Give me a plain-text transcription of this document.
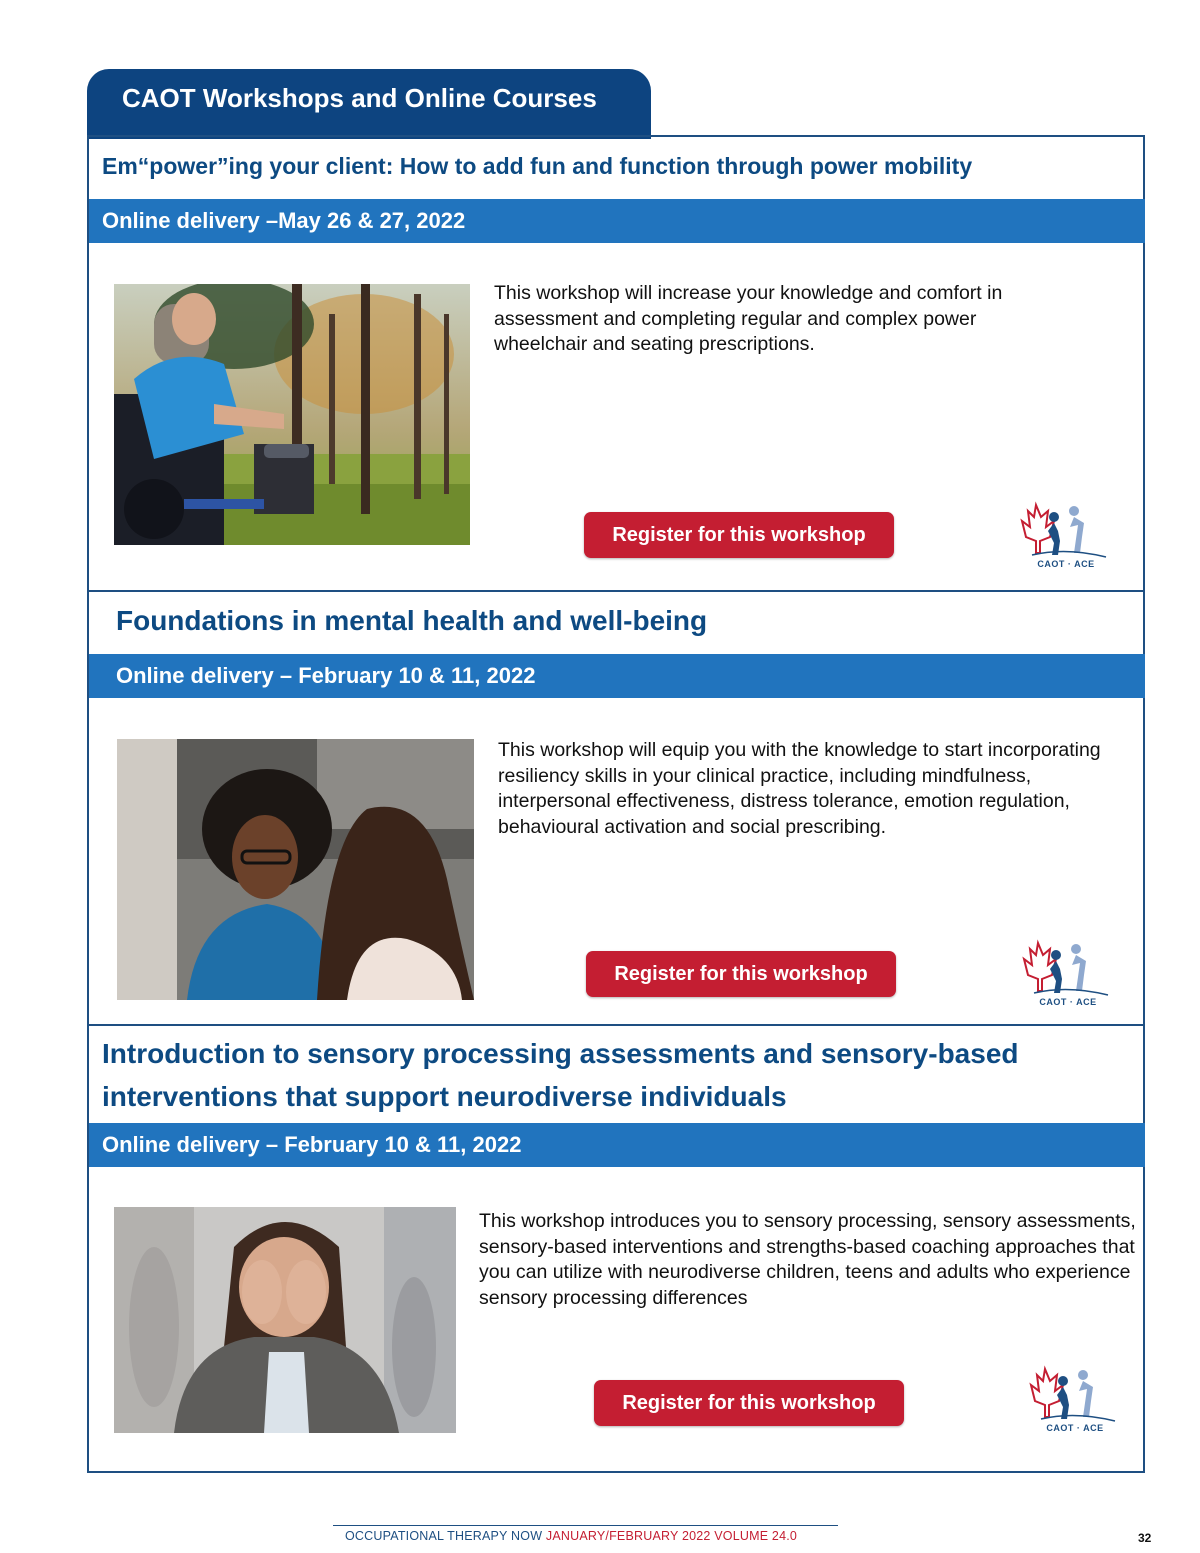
CAOT Workshops and Online Courses
Em“power”ing your client: How to add fun and function through power mobility
Online delivery –May 26 & 27, 2022
This workshop will increase your knowledge and comfort in assessment and completing regular and complex power wheelchair and seating prescriptions.
Register for this workshop
CAOT · ACE
Foundations in mental health and well-being
Online delivery – February 10 & 11, 2022
This workshop will equip you with the knowledge to start incorporating resiliency skills in your clinical practice, including mindfulness, interpersonal effectiveness, distress tolerance, emotion regulation, behavioural activation and social prescribing.
Register for this workshop
CAOT · ACE
Introduction to sensory processing assessments and sensory-based interventions that support neurodiverse individuals
Online delivery – February 10 & 11, 2022
This workshop introduces you to sensory processing, sensory assessments, sensory-based interventions and strengths-based coaching approaches that you can utilize with neurodiverse children, teens and adults who experience sensory processing differences
Register for this workshop
CAOT · ACE
OCCUPATIONAL THERAPY NOW JANUARY/FEBRUARY 2022 VOLUME 24.0	32
